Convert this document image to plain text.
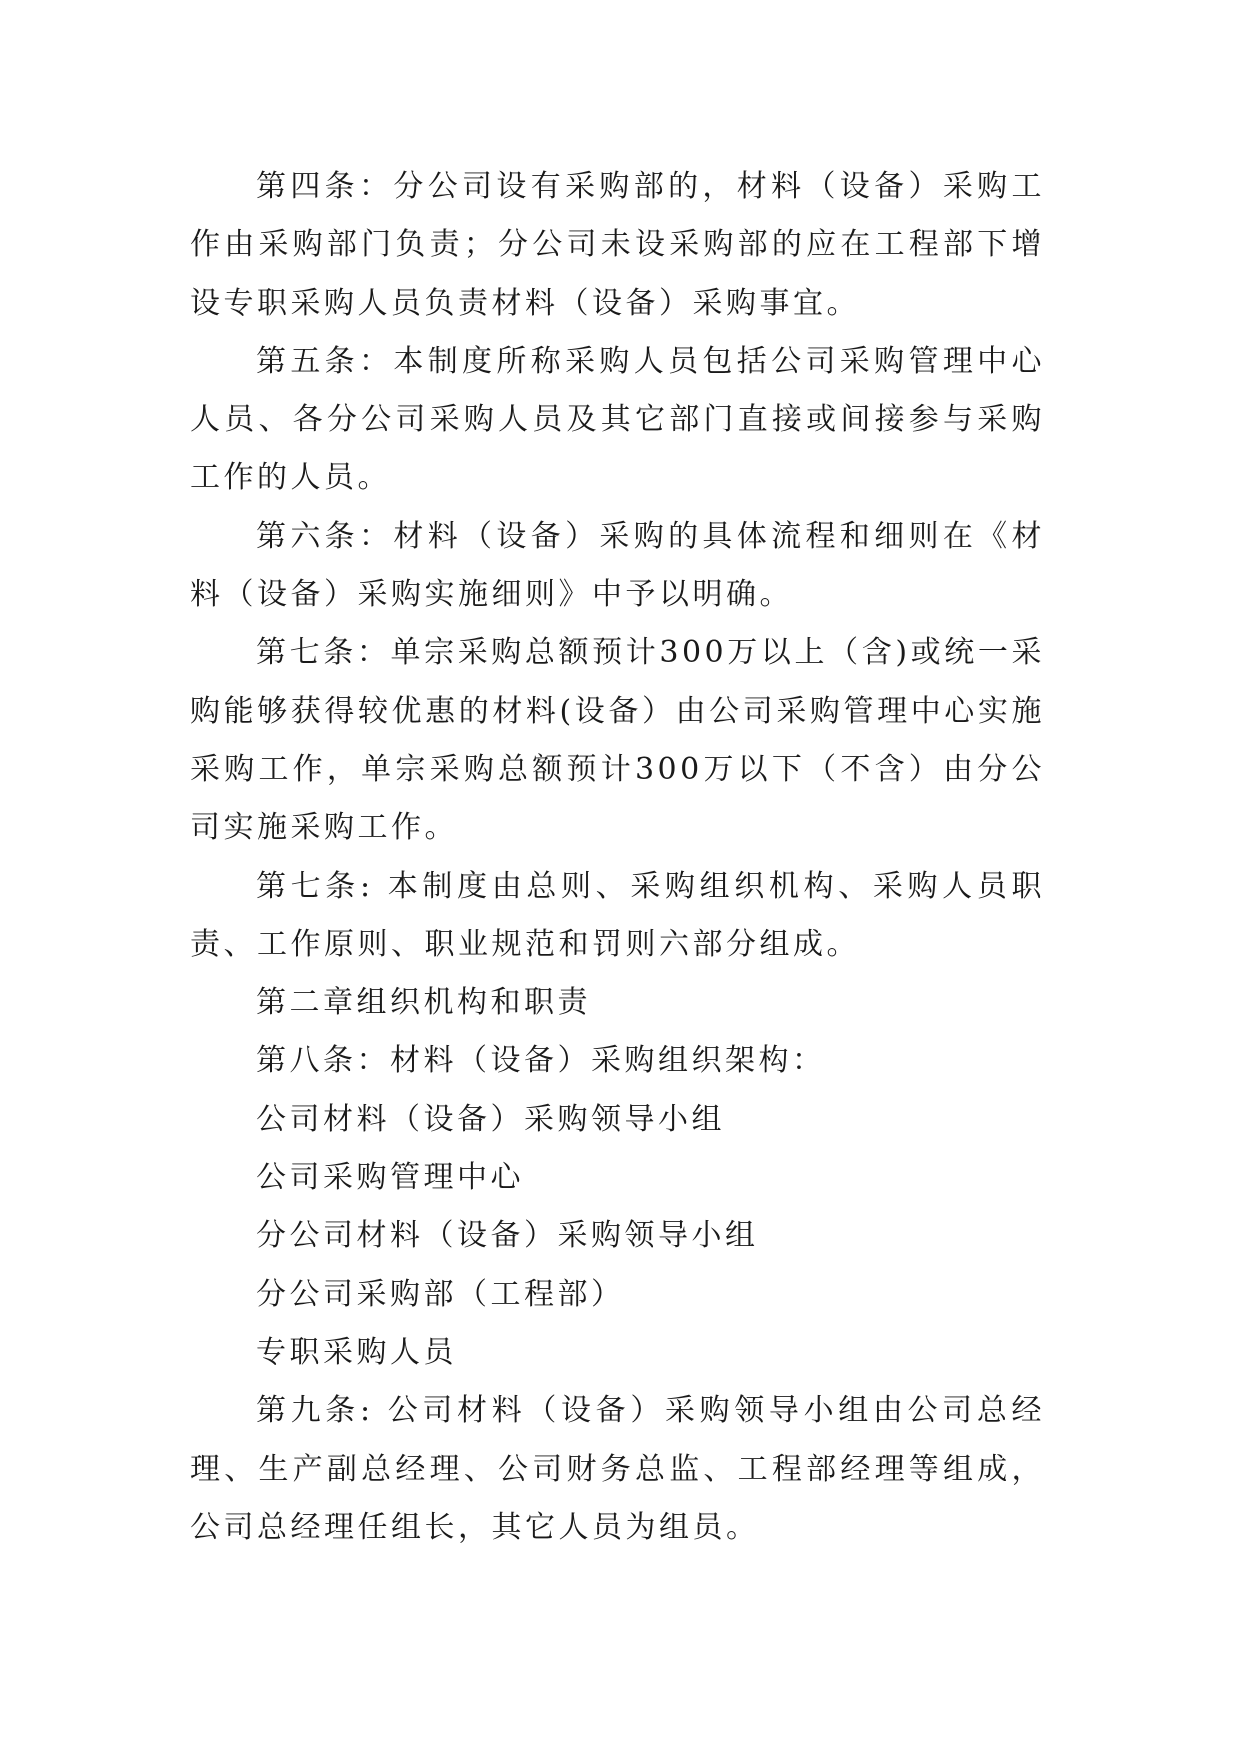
第四条：分公司设有采购部的，材料（设备）采购工作由采购部门负责；分公司未设采购部的应在工程部下增设专职采购人员负责材料（设备）采购事宜。

第五条：本制度所称采购人员包括公司采购管理中心人员、各分公司采购人员及其它部门直接或间接参与采购工作的人员。

第六条：材料（设备）采购的具体流程和细则在《材料（设备）采购实施细则》中予以明确。

第七条：单宗采购总额预计300万以上（含)或统一采购能够获得较优惠的材料(设备）由公司采购管理中心实施采购工作，单宗采购总额预计300万以下（不含）由分公司实施采购工作。

第七条: 本制度由总则、采购组织机构、采购人员职责、工作原则、职业规范和罚则六部分组成。

第二章组织机构和职责

第八条：材料（设备）采购组织架构：

公司材料（设备）采购领导小组

公司采购管理中心

分公司材料（设备）采购领导小组

分公司采购部（工程部）

专职采购人员

第九条: 公司材料（设备）采购领导小组由公司总经理、生产副总经理、公司财务总监、工程部经理等组成，公司总经理任组长，其它人员为组员。
